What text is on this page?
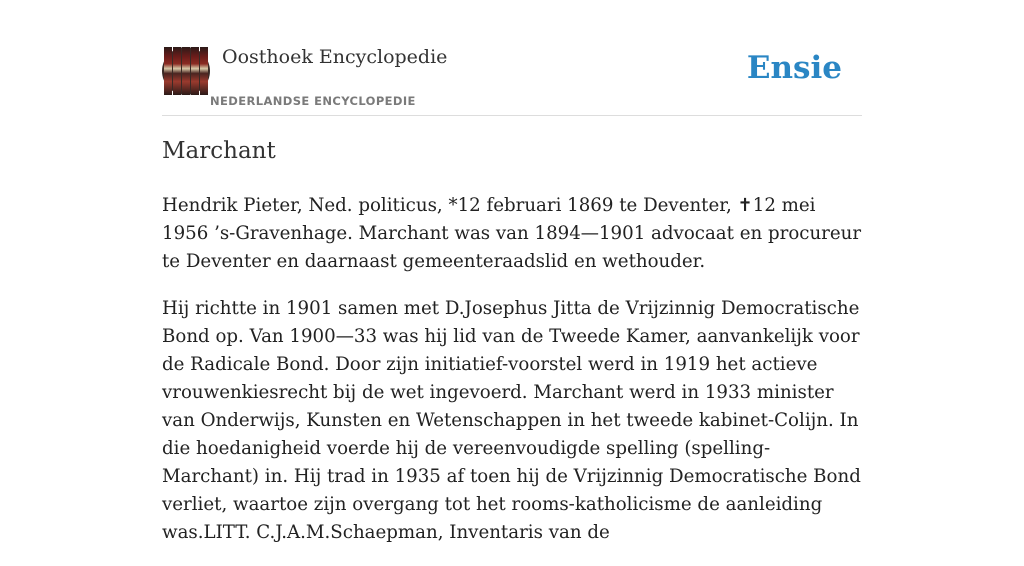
Oosthoek Encyclopedie
NEDERLANDSE ENCYCLOPEDIE
Ensie
Marchant

Hendrik Pieter, Ned. politicus, *12 februari 1869 te Deventer, ✝12 mei 1956 ’s-Gravenhage. Marchant was van 1894—1901 advocaat en procureur te Deventer en daarnaast gemeenteraadslid en wethouder.

Hij richtte in 1901 samen met D.Josephus Jitta de Vrijzinnig Democratische Bond op. Van 1900—33 was hij lid van de Tweede Kamer, aanvankelijk voor de Radicale Bond. Door zijn initiatief-voorstel werd in 1919 het actieve vrouwenkiesrecht bij de wet ingevoerd. Marchant werd in 1933 minister van Onderwijs, Kunsten en Wetenschappen in het tweede kabinet-Colijn. In die hoedanigheid voerde hij de vereenvoudigde spelling (spelling-Marchant) in. Hij trad in 1935 af toen hij de Vrijzinnig Democratische Bond verliet, waartoe zijn overgang tot het rooms-katholicisme de aanleiding was.LITT. C.J.A.M.Schaepman, Inventaris van de
